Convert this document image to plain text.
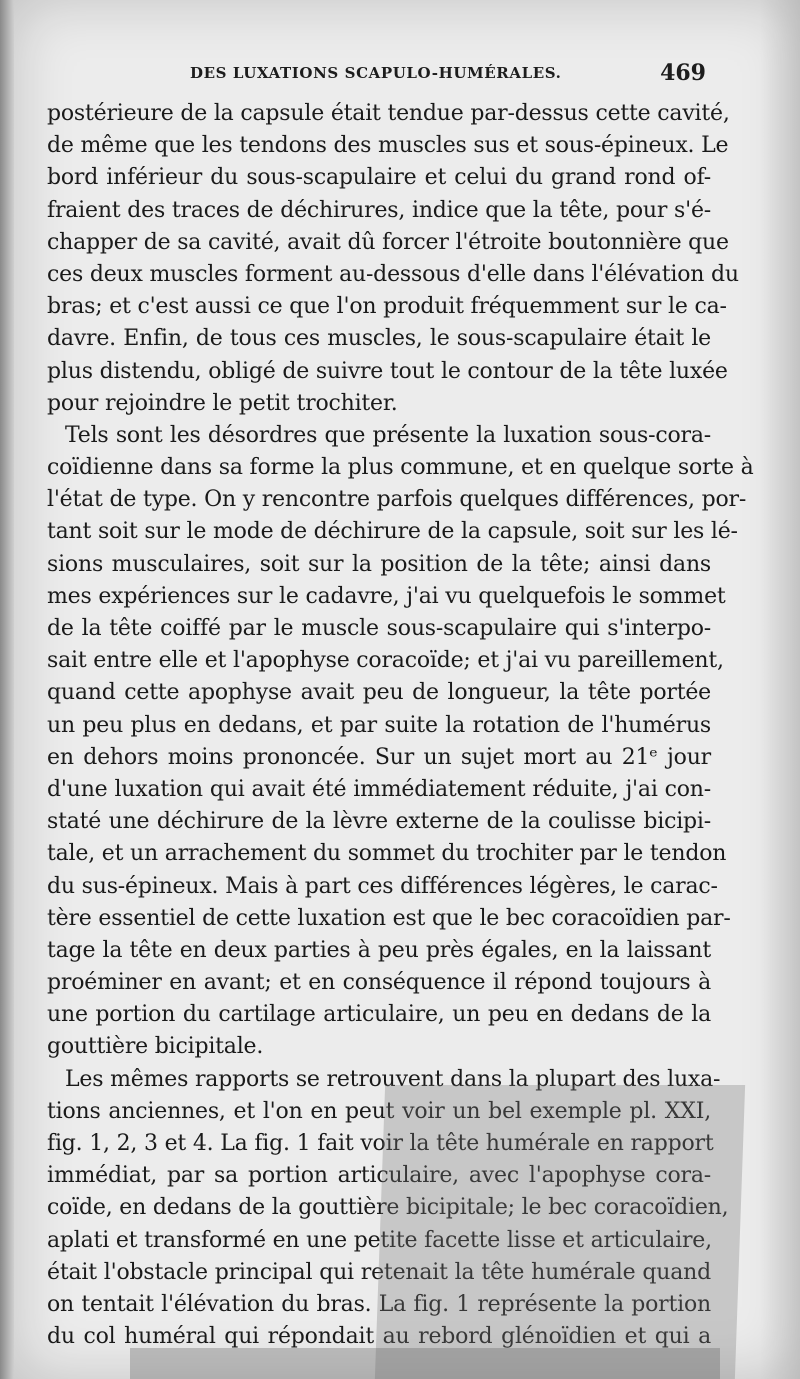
DES LUXATIONS SCAPULO-HUMÉRALES.	469
postérieure de la capsule était tendue par-dessus cette cavité,
de même que les tendons des muscles sus et sous-épineux. Le
bord inférieur du sous-scapulaire et celui du grand rond of-
fraient des traces de déchirures, indice que la tête, pour s'é-
chapper de sa cavité, avait dû forcer l'étroite boutonnière que
ces deux muscles forment au-dessous d'elle dans l'élévation du
bras; et c'est aussi ce que l'on produit fréquemment sur le ca-
davre. Enfin, de tous ces muscles, le sous-scapulaire était le
plus distendu, obligé de suivre tout le contour de la tête luxée
pour rejoindre le petit trochiter.
Tels sont les désordres que présente la luxation sous-cora-
coïdienne dans sa forme la plus commune, et en quelque sorte à
l'état de type. On y rencontre parfois quelques différences, por-
tant soit sur le mode de déchirure de la capsule, soit sur les lé-
sions musculaires, soit sur la position de la tête; ainsi dans
mes expériences sur le cadavre, j'ai vu quelquefois le sommet
de la tête coiffé par le muscle sous-scapulaire qui s'interpo-
sait entre elle et l'apophyse coracoïde; et j'ai vu pareillement,
quand cette apophyse avait peu de longueur, la tête portée
un peu plus en dedans, et par suite la rotation de l'humérus
en dehors moins prononcée. Sur un sujet mort au 21ᵉ jour
d'une luxation qui avait été immédiatement réduite, j'ai con-
staté une déchirure de la lèvre externe de la coulisse bicipi-
tale, et un arrachement du sommet du trochiter par le tendon
du sus-épineux. Mais à part ces différences légères, le carac-
tère essentiel de cette luxation est que le bec coracoïdien par-
tage la tête en deux parties à peu près égales, en la laissant
proéminer en avant; et en conséquence il répond toujours à
une portion du cartilage articulaire, un peu en dedans de la
gouttière bicipitale.
Les mêmes rapports se retrouvent dans la plupart des luxa-
tions anciennes, et l'on en peut voir un bel exemple pl. XXI,
fig. 1, 2, 3 et 4. La fig. 1 fait voir la tête humérale en rapport
immédiat, par sa portion articulaire, avec l'apophyse cora-
coïde, en dedans de la gouttière bicipitale; le bec coracoïdien,
aplati et transformé en une petite facette lisse et articulaire,
était l'obstacle principal qui retenait la tête humérale quand
on tentait l'élévation du bras. La fig. 1 représente la portion
du col huméral qui répondait au rebord glénoïdien et qui a
